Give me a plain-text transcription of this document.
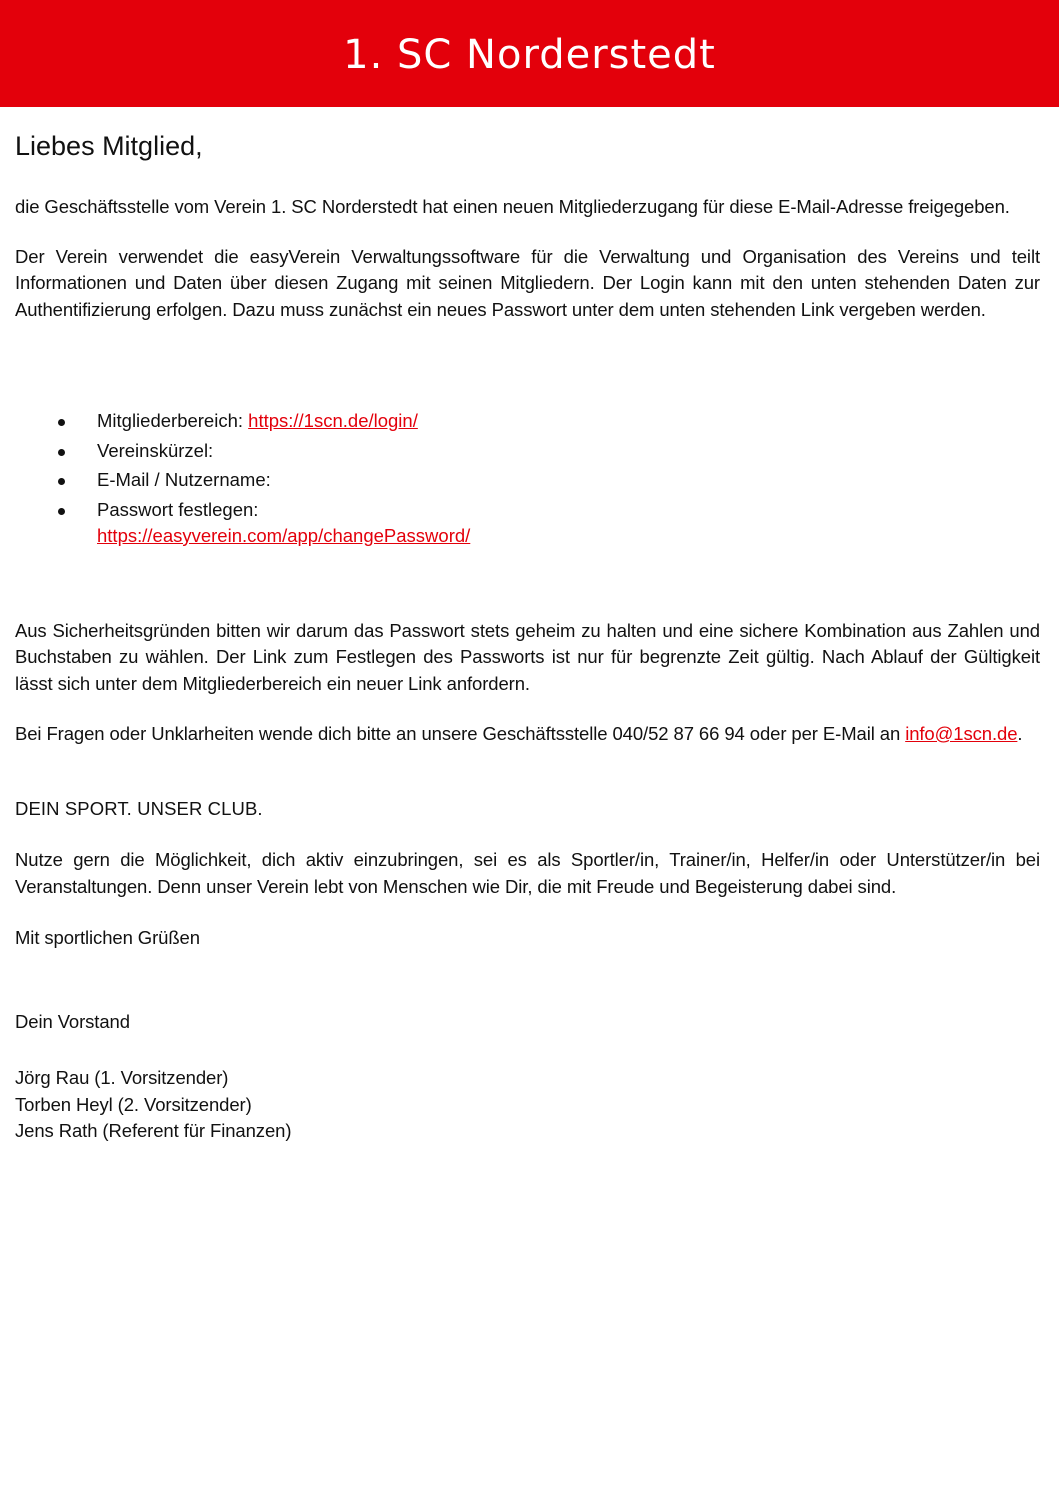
1. SC Norderstedt
Liebes Mitglied,

die Geschäftsstelle vom Verein 1. SC Norderstedt hat einen neuen Mitgliederzugang für diese E-Mail-Adresse freigegeben.

Der Verein verwendet die easyVerein Verwaltungssoftware für die Verwaltung und Organisation des Vereins und teilt Informationen und Daten über diesen Zugang mit seinen Mitgliedern. Der Login kann mit den unten stehenden Daten zur Authentifizierung erfolgen. Dazu muss zunächst ein neues Passwort unter dem unten stehenden Link vergeben werden.

Mitgliederbereich: https://1scn.de/login/
Vereinskürzel:
E-Mail / Nutzername:
Passwort festlegen:
https://easyverein.com/app/changePassword/

Aus Sicherheitsgründen bitten wir darum das Passwort stets geheim zu halten und eine sichere Kombination aus Zahlen und Buchstaben zu wählen. Der Link zum Festlegen des Passworts ist nur für begrenzte Zeit gültig. Nach Ablauf der Gültigkeit lässt sich unter dem Mitgliederbereich ein neuer Link anfordern.

Bei Fragen oder Unklarheiten wende dich bitte an unsere Geschäftsstelle 040/52 87 66 94 oder per E-Mail an info@1scn.de.

DEIN SPORT. UNSER CLUB.

Nutze gern die Möglichkeit, dich aktiv einzubringen, sei es als Sportler/in, Trainer/in, Helfer/in oder Unterstützer/in bei Veranstaltungen. Denn unser Verein lebt von Menschen wie Dir, die mit Freude und Begeisterung dabei sind.

Mit sportlichen Grüßen

Dein Vorstand

Jörg Rau (1. Vorsitzender)

Torben Heyl (2. Vorsitzender)

Jens Rath (Referent für Finanzen)
